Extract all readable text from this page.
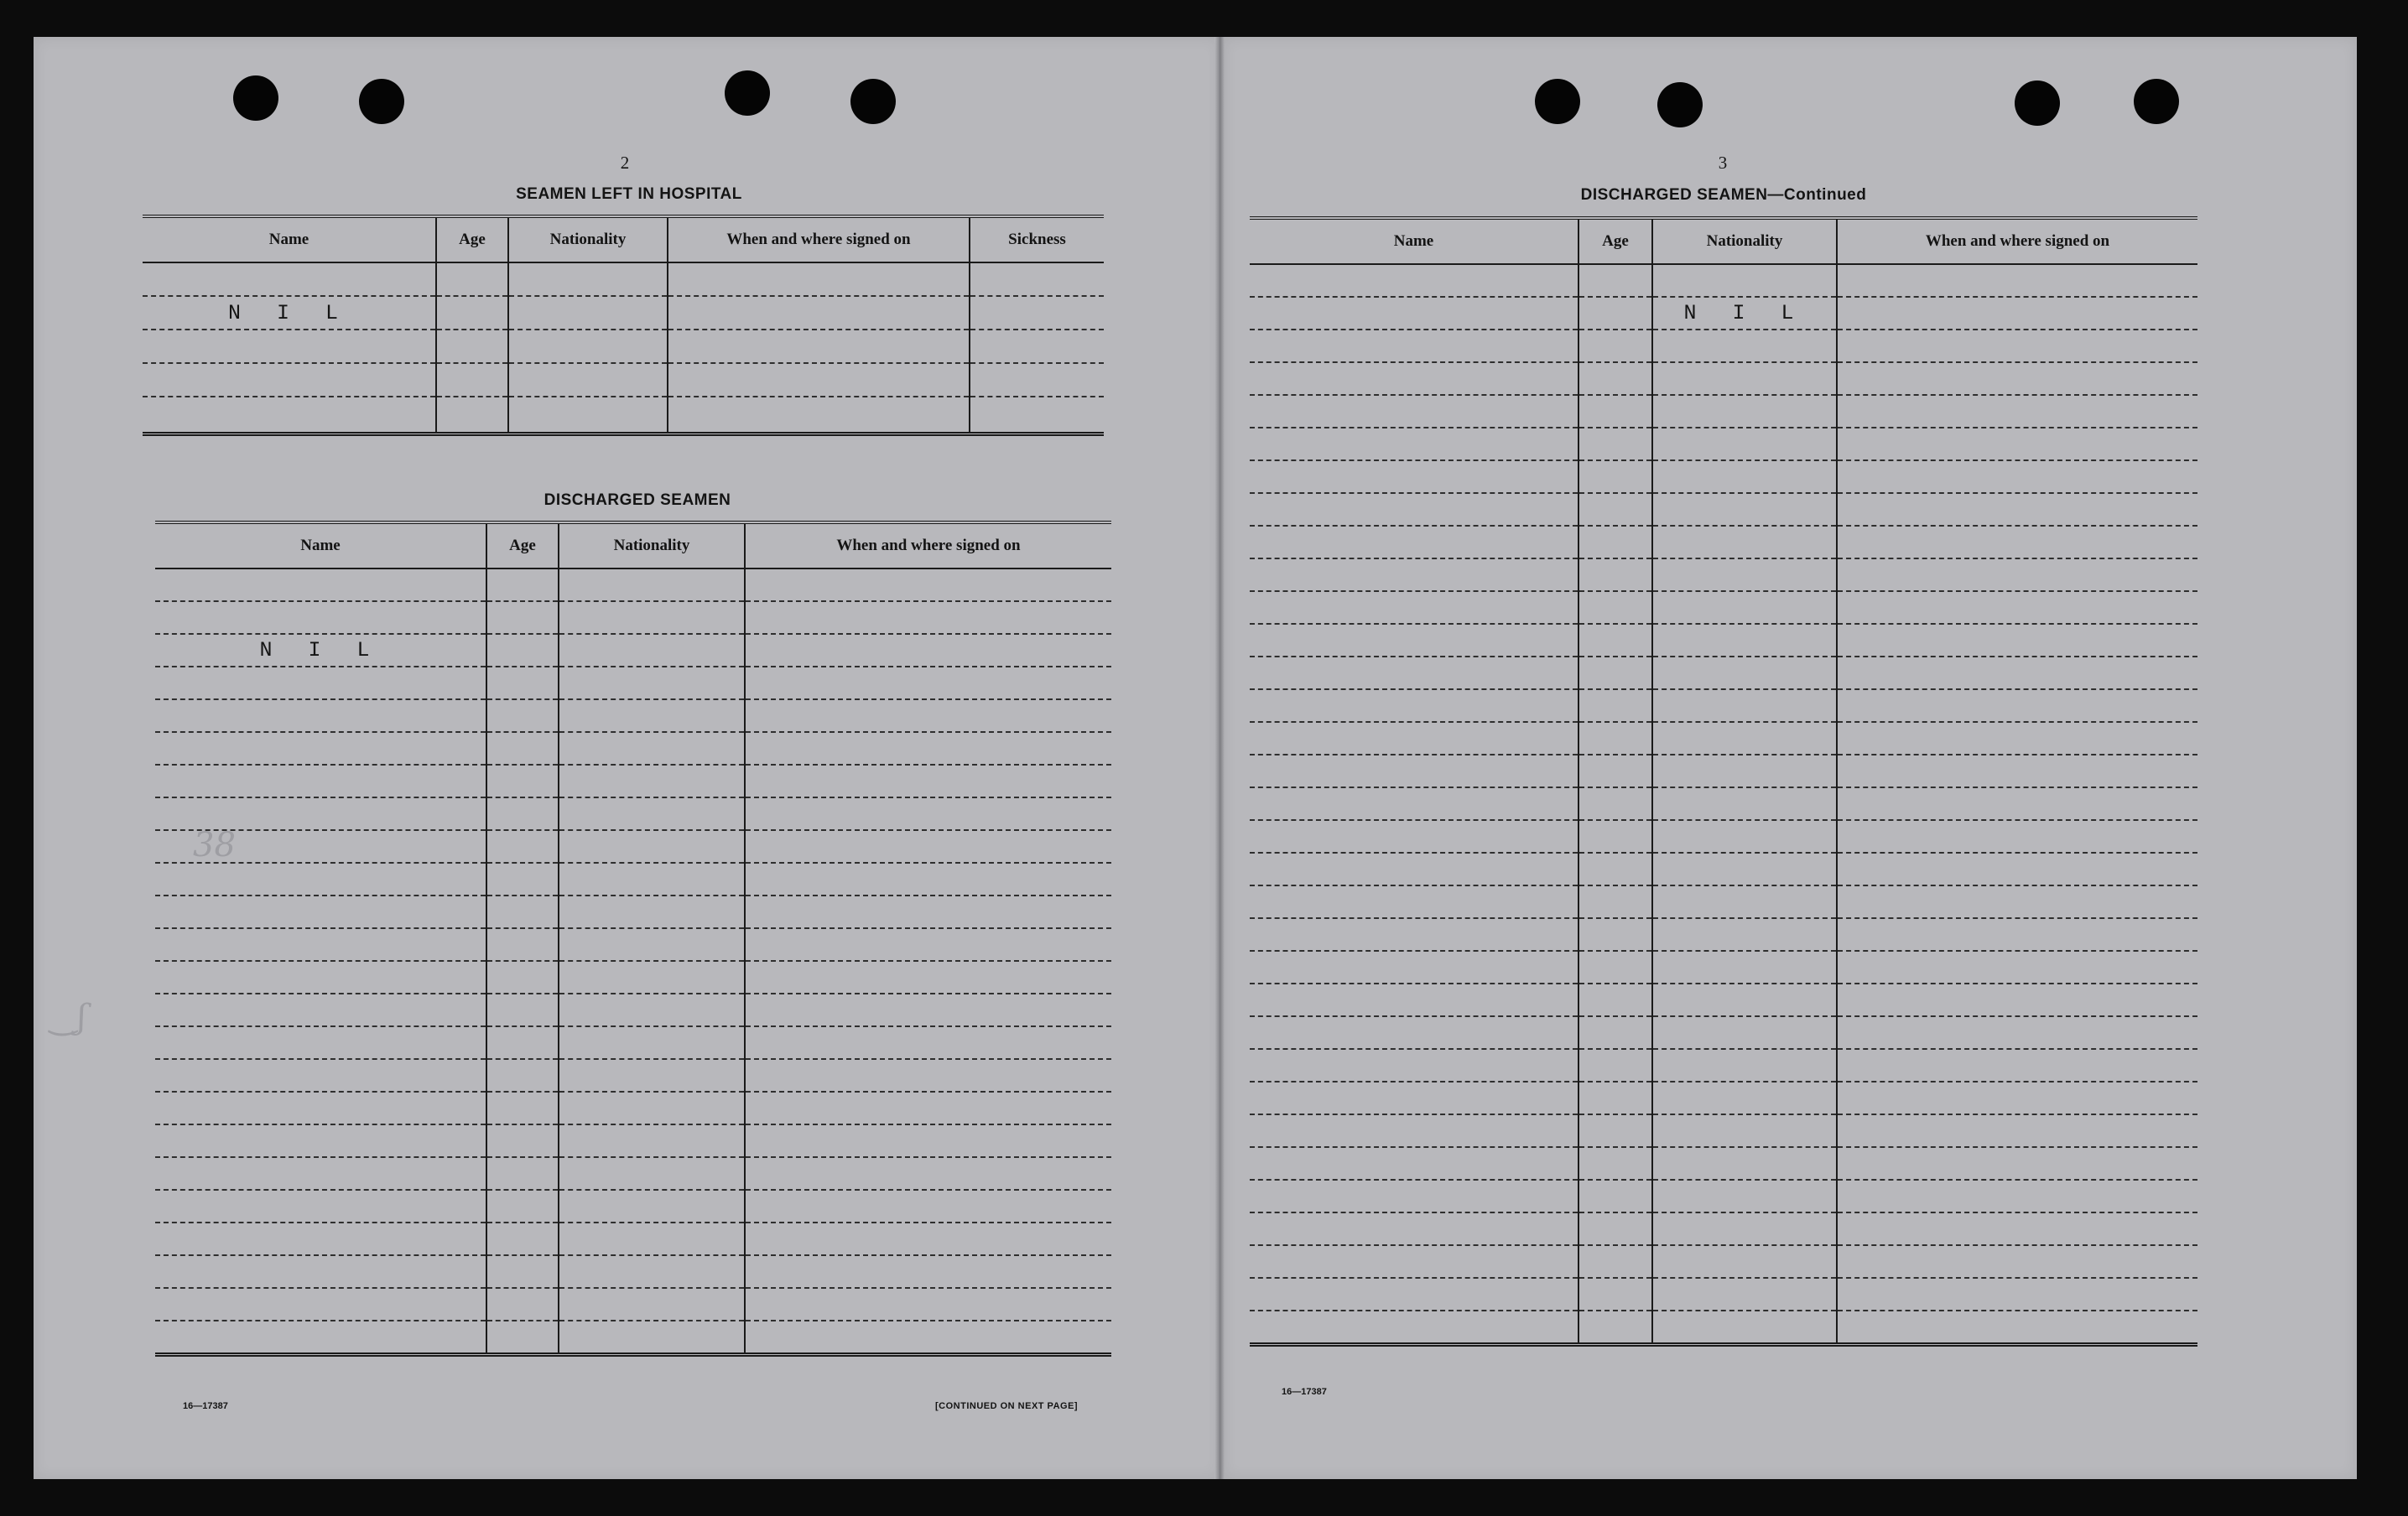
‿ʃ
38
2
SEAMEN LEFT IN HOSPITAL
Name	Age	Nationality	When and where signed on	Sickness

N I L				

DISCHARGED SEAMEN
Name	Age	Nationality	When and where signed on

N I L			

16—17387	[CONTINUED ON NEXT PAGE]
3
DISCHARGED SEAMEN—Continued
Name	Age	Nationality	When and where signed on

		N I L	

16—17387
